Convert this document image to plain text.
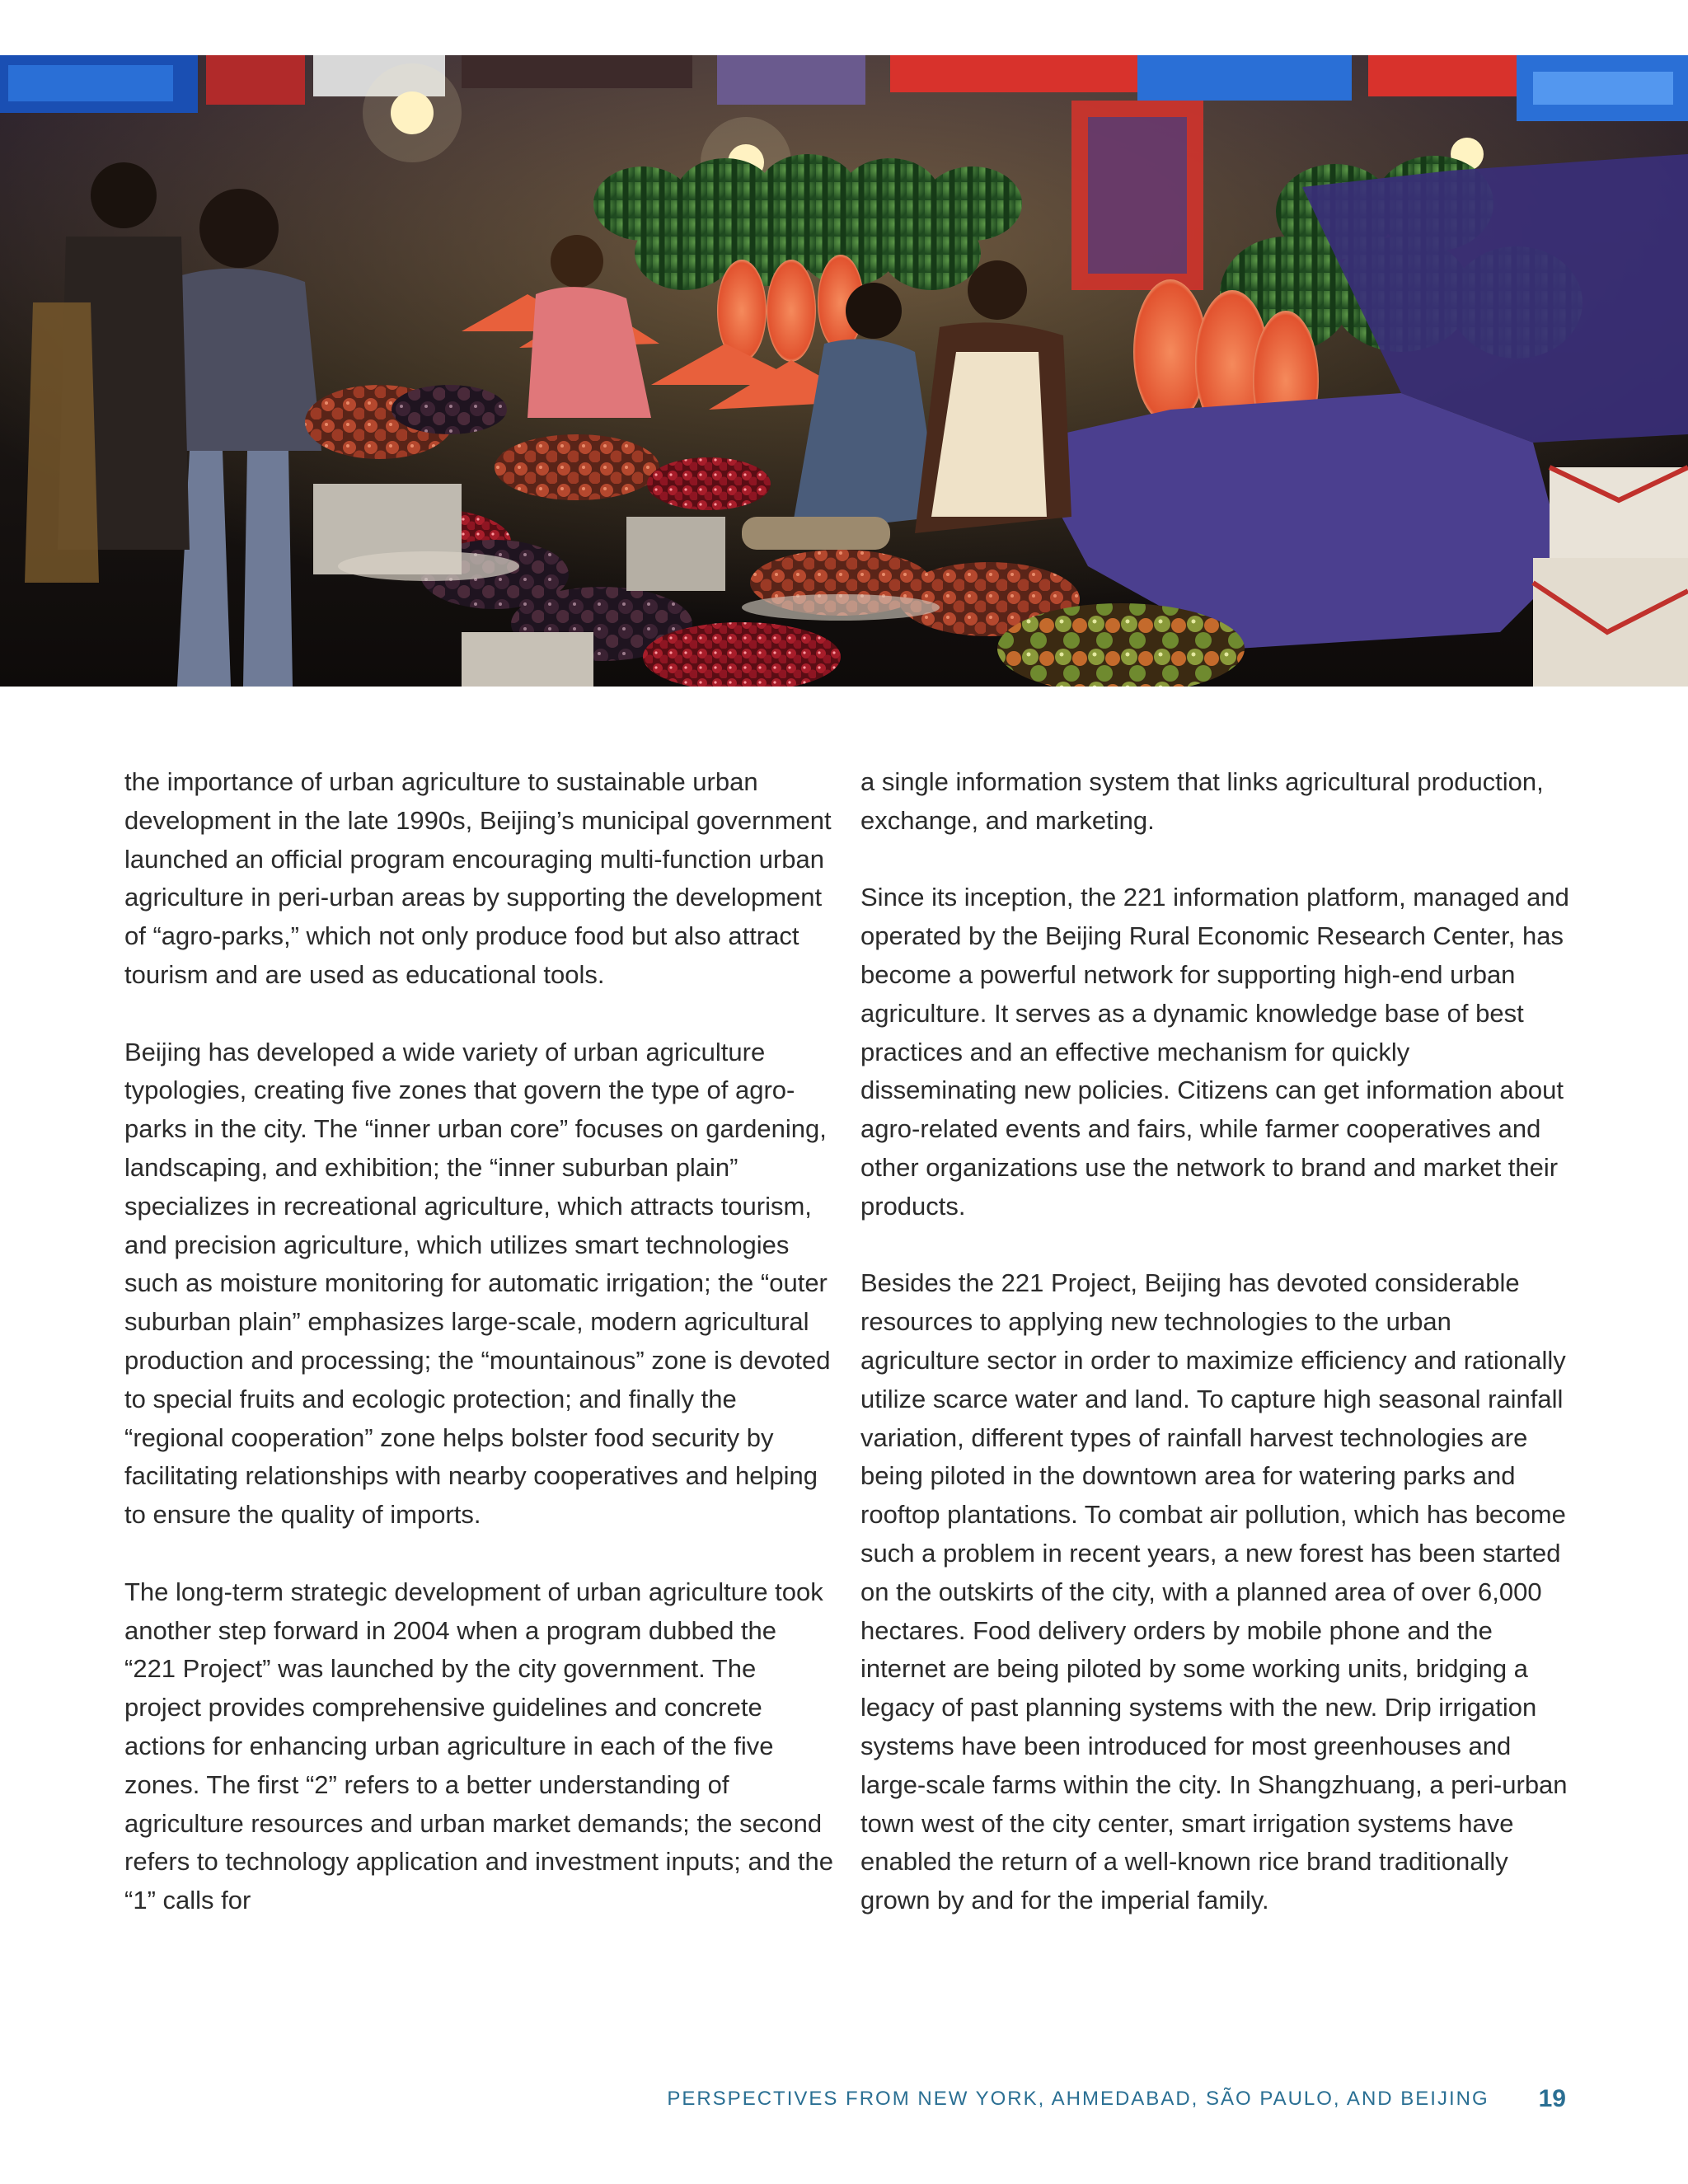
the importance of urban agriculture to sustainable urban development in the late 1990s, Beijing’s municipal government launched an official program encouraging multi-function urban agriculture in peri-urban areas by supporting the development of “agro-parks,” which not only produce food but also attract tourism and are used as educational tools.

Beijing has developed a wide variety of urban agriculture typologies, creating five zones that govern the type of agro-parks in the city. The “inner urban core” focuses on gardening, landscaping, and exhibition; the “inner suburban plain” specializes in recreational agriculture, which attracts tourism, and precision agriculture, which utilizes smart technologies such as moisture monitoring for automatic irrigation; the “outer suburban plain” emphasizes large-scale, modern agricultural production and processing; the “mountainous” zone is devoted to special fruits and ecologic protection; and finally the “regional cooperation” zone helps bolster food security by facilitating relationships with nearby cooperatives and helping to ensure the quality of imports.

The long-term strategic development of urban agriculture took another step forward in 2004 when a program dubbed the “221 Project” was launched by the city government. The project provides comprehensive guidelines and concrete actions for enhancing urban agriculture in each of the five zones. The first “2” refers to a better understanding of agriculture resources and urban market demands; the second refers to technology application and investment inputs; and the “1” calls for

a single information system that links agricultural production, exchange, and marketing.

Since its inception, the 221 information platform, managed and operated by the Beijing Rural Economic Research Center, has become a powerful network for supporting high-end urban agriculture. It serves as a dynamic knowledge base of best practices and an effective mechanism for quickly disseminating new policies. Citizens can get information about agro-related events and fairs, while farmer cooperatives and other organizations use the network to brand and market their products.

Besides the 221 Project, Beijing has devoted considerable resources to applying new technologies to the urban agriculture sector in order to maximize efficiency and rationally utilize scarce water and land. To capture high seasonal rainfall variation, different types of rainfall harvest technologies are being piloted in the downtown area for watering parks and rooftop plantations. To combat air pollution, which has become such a problem in recent years, a new forest has been started on the outskirts of the city, with a planned area of over 6,000 hectares. Food delivery orders by mobile phone and the internet are being piloted by some working units, bridging a legacy of past planning systems with the new. Drip irrigation systems have been introduced for most greenhouses and large-scale farms within the city. In Shangzhuang, a peri-urban town west of the city center, smart irrigation systems have enabled the return of a well-known rice brand traditionally grown by and for the imperial family.

PERSPECTIVES FROM NEW YORK, AHMEDABAD, SÃO PAULO, AND BEIJING 19
